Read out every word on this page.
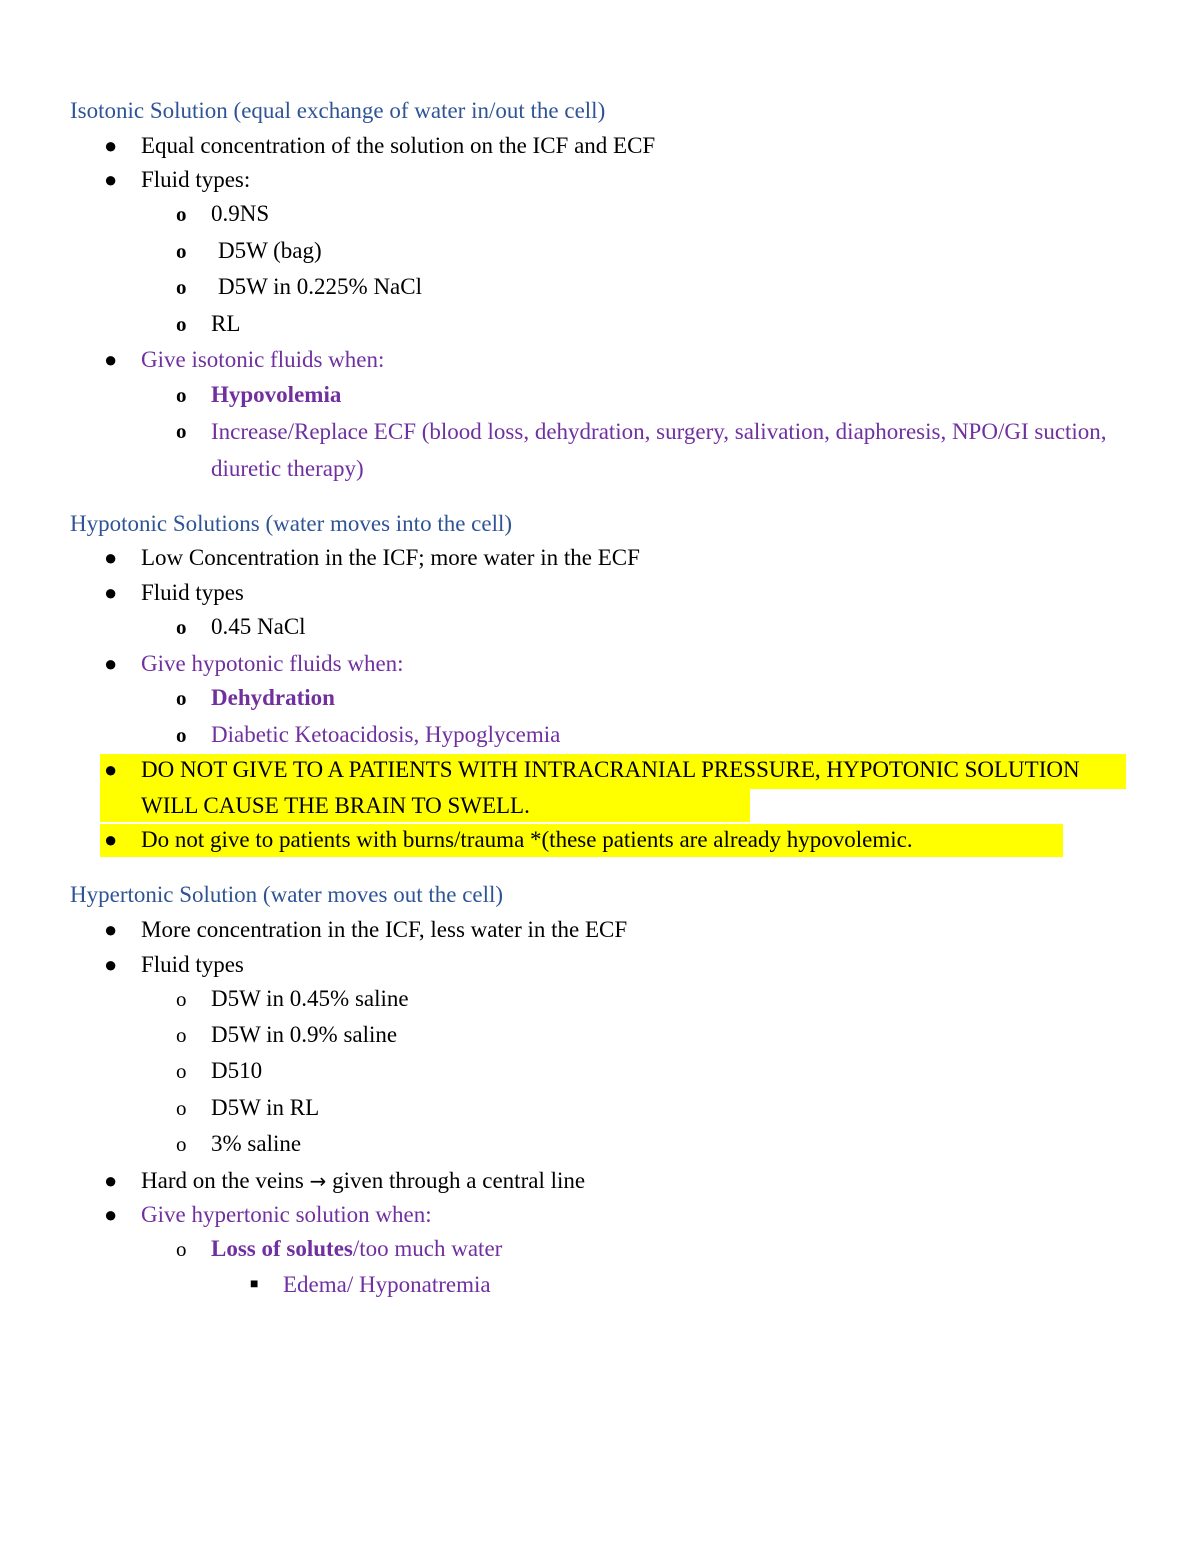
Isotonic Solution (equal exchange of water in/out the cell)
● Equal concentration of the solution on the ICF and ECF
● Fluid types:
o 0.9NS
o D5W (bag)
o D5W in 0.225% NaCl
o RL
● Give isotonic fluids when:
o Hypovolemia
o Increase/Replace ECF (blood loss, dehydration, surgery, salivation, diaphoresis, NPO/GI suction, diuretic therapy)
Hypotonic Solutions (water moves into the cell)
● Low Concentration in the ICF; more water in the ECF
● Fluid types
o 0.45 NaCl
● Give hypotonic fluids when:
o Dehydration
o Diabetic Ketoacidosis, Hypoglycemia
● DO NOT GIVE TO A PATIENTS WITH INTRACRANIAL PRESSURE, HYPOTONIC SOLUTION WILL CAUSE THE BRAIN TO SWELL.
● Do not give to patients with burns/trauma *(these patients are already hypovolemic.
Hypertonic Solution (water moves out the cell)
● More concentration in the ICF, less water in the ECF
● Fluid types
o D5W in 0.45% saline
o D5W in 0.9% saline
o D510
o D5W in RL
o 3% saline
● Hard on the veins → given through a central line
● Give hypertonic solution when:
o Loss of solutes/too much water
■ Edema/ Hyponatremia
